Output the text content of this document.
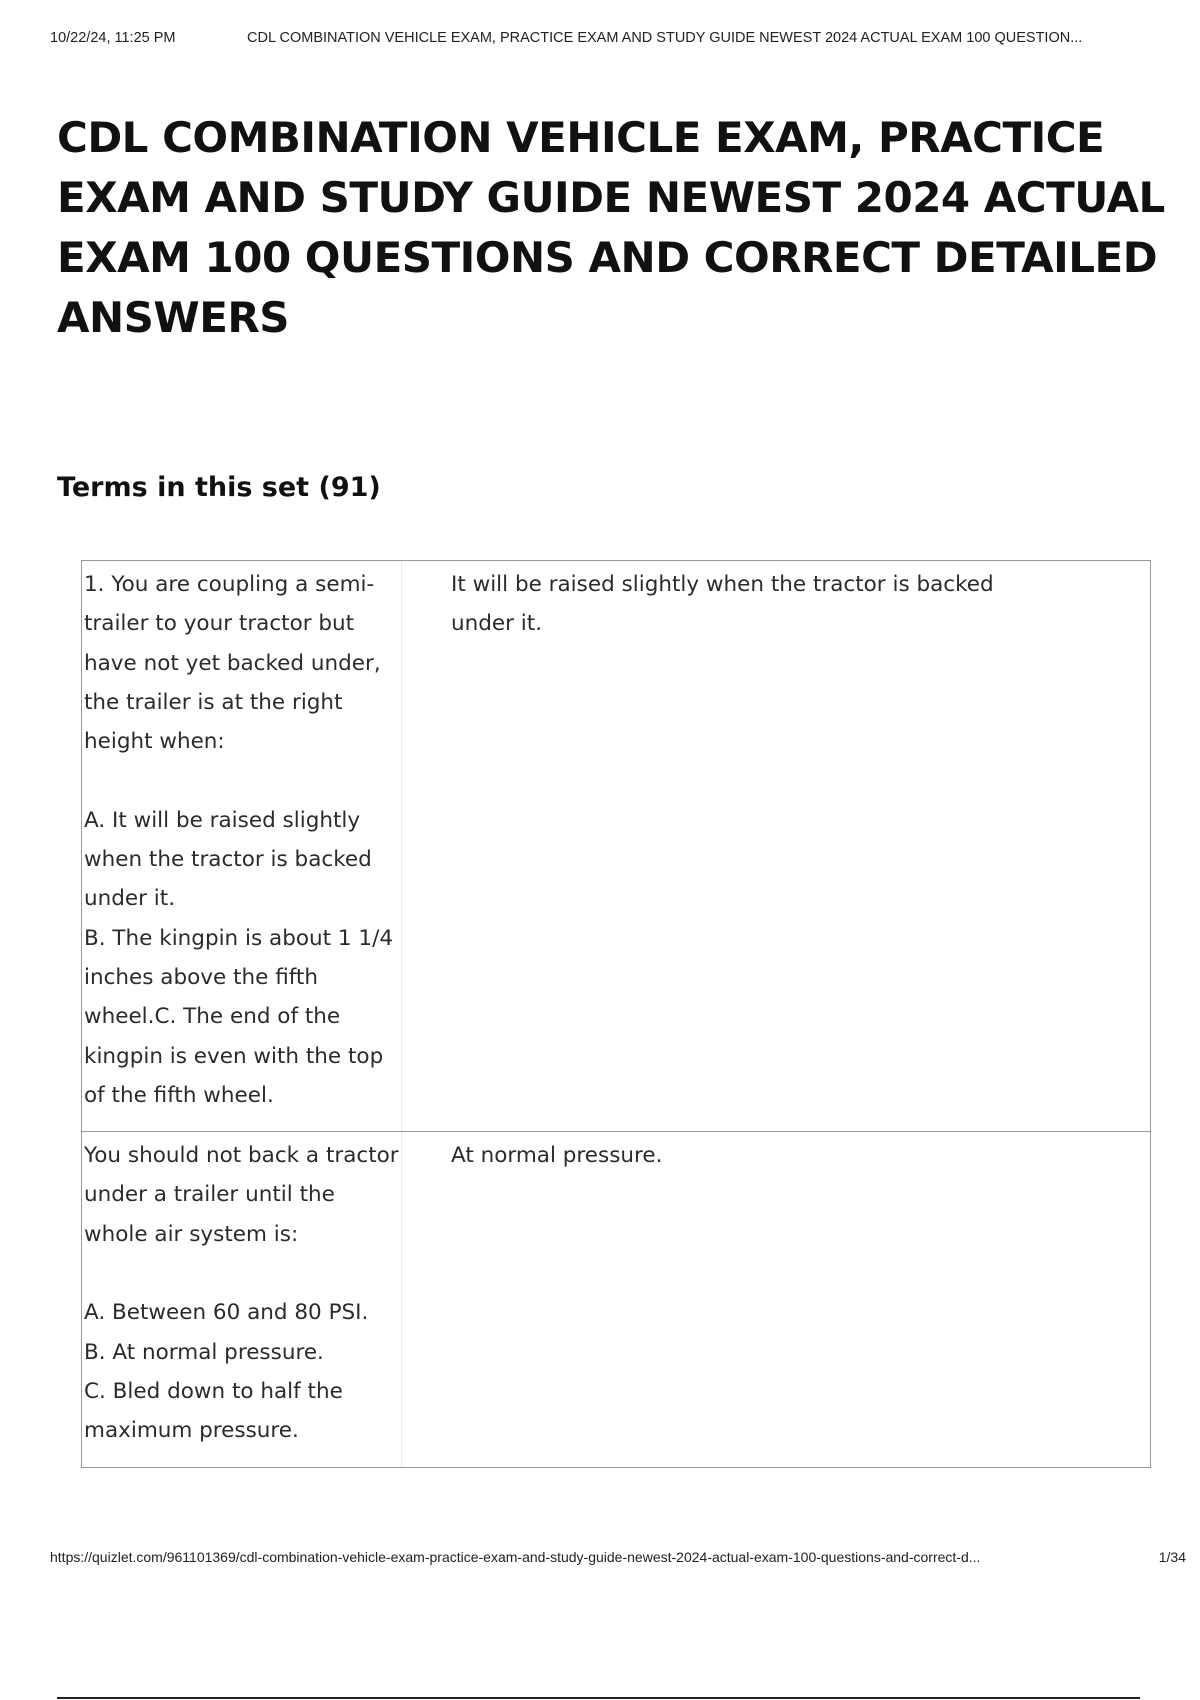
10/22/24, 11:25 PM	CDL COMBINATION VEHICLE EXAM, PRACTICE EXAM AND STUDY GUIDE NEWEST 2024 ACTUAL EXAM 100 QUESTION...
CDL COMBINATION VEHICLE EXAM, PRACTICE EXAM AND STUDY GUIDE NEWEST 2024 ACTUAL EXAM 100 QUESTIONS AND CORRECT DETAILED ANSWERS
Terms in this set (91)
1. You are coupling a semi-trailer to your tractor but have not yet backed under, the trailer is at the right height when:

A. It will be raised slightly when the tractor is backed under it.
B. The kingpin is about 1 1/4 inches above the fifth wheel.C. The end of the kingpin is even with the top of the fifth wheel.
It will be raised slightly when the tractor is backed under it.
You should not back a tractor under a trailer until the whole air system is:

A. Between 60 and 80 PSI.
B. At normal pressure.
C. Bled down to half the maximum pressure.
At normal pressure.
https://quizlet.com/961101369/cdl-combination-vehicle-exam-practice-exam-and-study-guide-newest-2024-actual-exam-100-questions-and-correct-d...	1/34
